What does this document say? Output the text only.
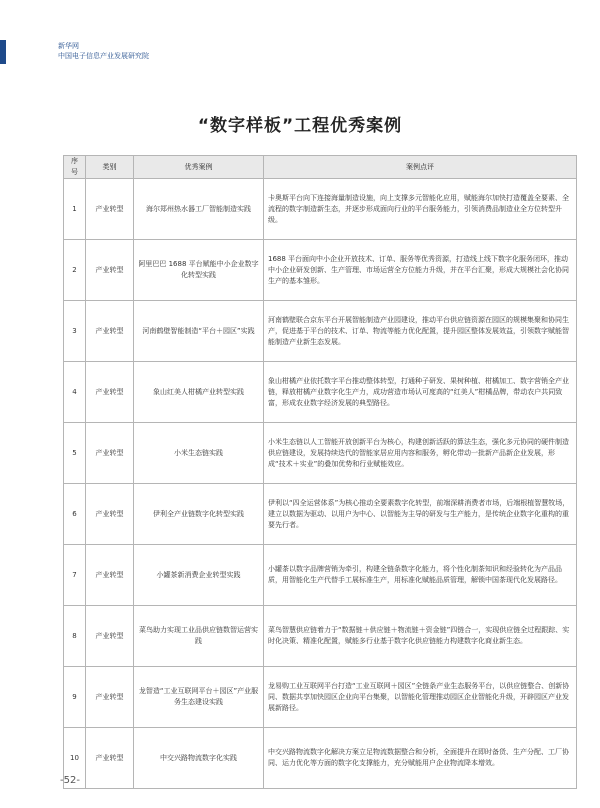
新华网
中国电子信息产业发展研究院
“数字样板”工程优秀案例
序号	类别	优秀案例	案例点评
1	产业转型	海尔郑州热水器工厂智能制造实践	卡奥斯平台向下连接海量制造设施，向上支撑多元智能化应用，赋能海尔加快打造覆盖全要素、全流程的数字制造新生态，并逐步形成面向行业的平台服务能力，引领消费品制造业全方位转型升级。
2	产业转型	阿里巴巴 1688 平台赋能中小企业数字化转型实践	1688 平台面向中小企业开放技术、订单、服务等优秀资源，打造线上线下数字化服务闭环，推动中小企业研发创新、生产管理、市场运营全方位能力升级，并在平台汇聚，形成大规模社会化协同生产的基本雏形。
3	产业转型	河南鹤壁智能制造“平台＋园区”实践	河南鹤壁联合京东平台开展智能制造产业园建设，推动平台供应链资源在园区的规模集聚和协同生产，促进基于平台的技术、订单、物流等能力优化配置，提升园区整体发展效益，引领数字赋能智能制造产业新生态发展。
4	产业转型	象山红美人柑橘产业转型实践	象山柑橘产业依托数字平台推动整体转型，打通种子研发、果树种植、柑橘加工、数字营销全产业链，释放柑橘产业数字化生产力，成功营造市场认可度高的“红美人”柑橘品牌，带动农户共同致富，形成农业数字经济发展的典型路径。
5	产业转型	小米生态链实践	小米生态链以人工智能开放创新平台为核心，构建创新活跃的算法生态，强化多元协同的硬件制造供应链建设，发展持续迭代的智能家居应用内容和服务，孵化带动一批新产品新企业发展，形成“技术＋实业”的叠加优势和行业赋能效应。
6	产业转型	伊利全产业链数字化转型实践	伊利以“四全运营体系”为核心推动全要素数字化转型，前端深耕消费者市场，后端根植智慧牧场，建立以数据为驱动、以用户为中心、以智能为主导的研发与生产能力，是传统企业数字化重构的重要先行者。
7	产业转型	小罐茶新消费企业转型实践	小罐茶以数字品牌营销为牵引，构建全链条数字化能力，将个性化制茶知识和经验转化为产品品质，用智能化生产代替手工展标准生产，用标准化赋能品质管理，解锁中国茶现代化发展路径。
8	产业转型	菜鸟助力实现工业品供应链数智运营实践	菜鸟智慧供应链着力于“数据链＋供应链＋物流链＋资金链”四链合一，实现供应链全过程跟踪、实时化决策、精准化配置，赋能多行业基于数字化供应链能力构建数字化商业新生态。
9	产业转型	龙智造“工业互联网平台＋园区”产业服务生态建设实践	龙易购工业互联网平台打造“工业互联网＋园区”全链条产业生态服务平台，以供应链整合、创新协同、数据共享加快园区企业向平台集聚，以智能化管理推动园区企业智能化升级，开辟园区产业发展新路径。
10	产业转型	中交兴路物流数字化实践	中交兴路物流数字化解决方案立足物流数据整合和分析，全面提升在即时备货、生产分配、工厂协同、运力优化等方面的数字化支撑能力，充分赋能用户企业物流降本增效。
-52-
